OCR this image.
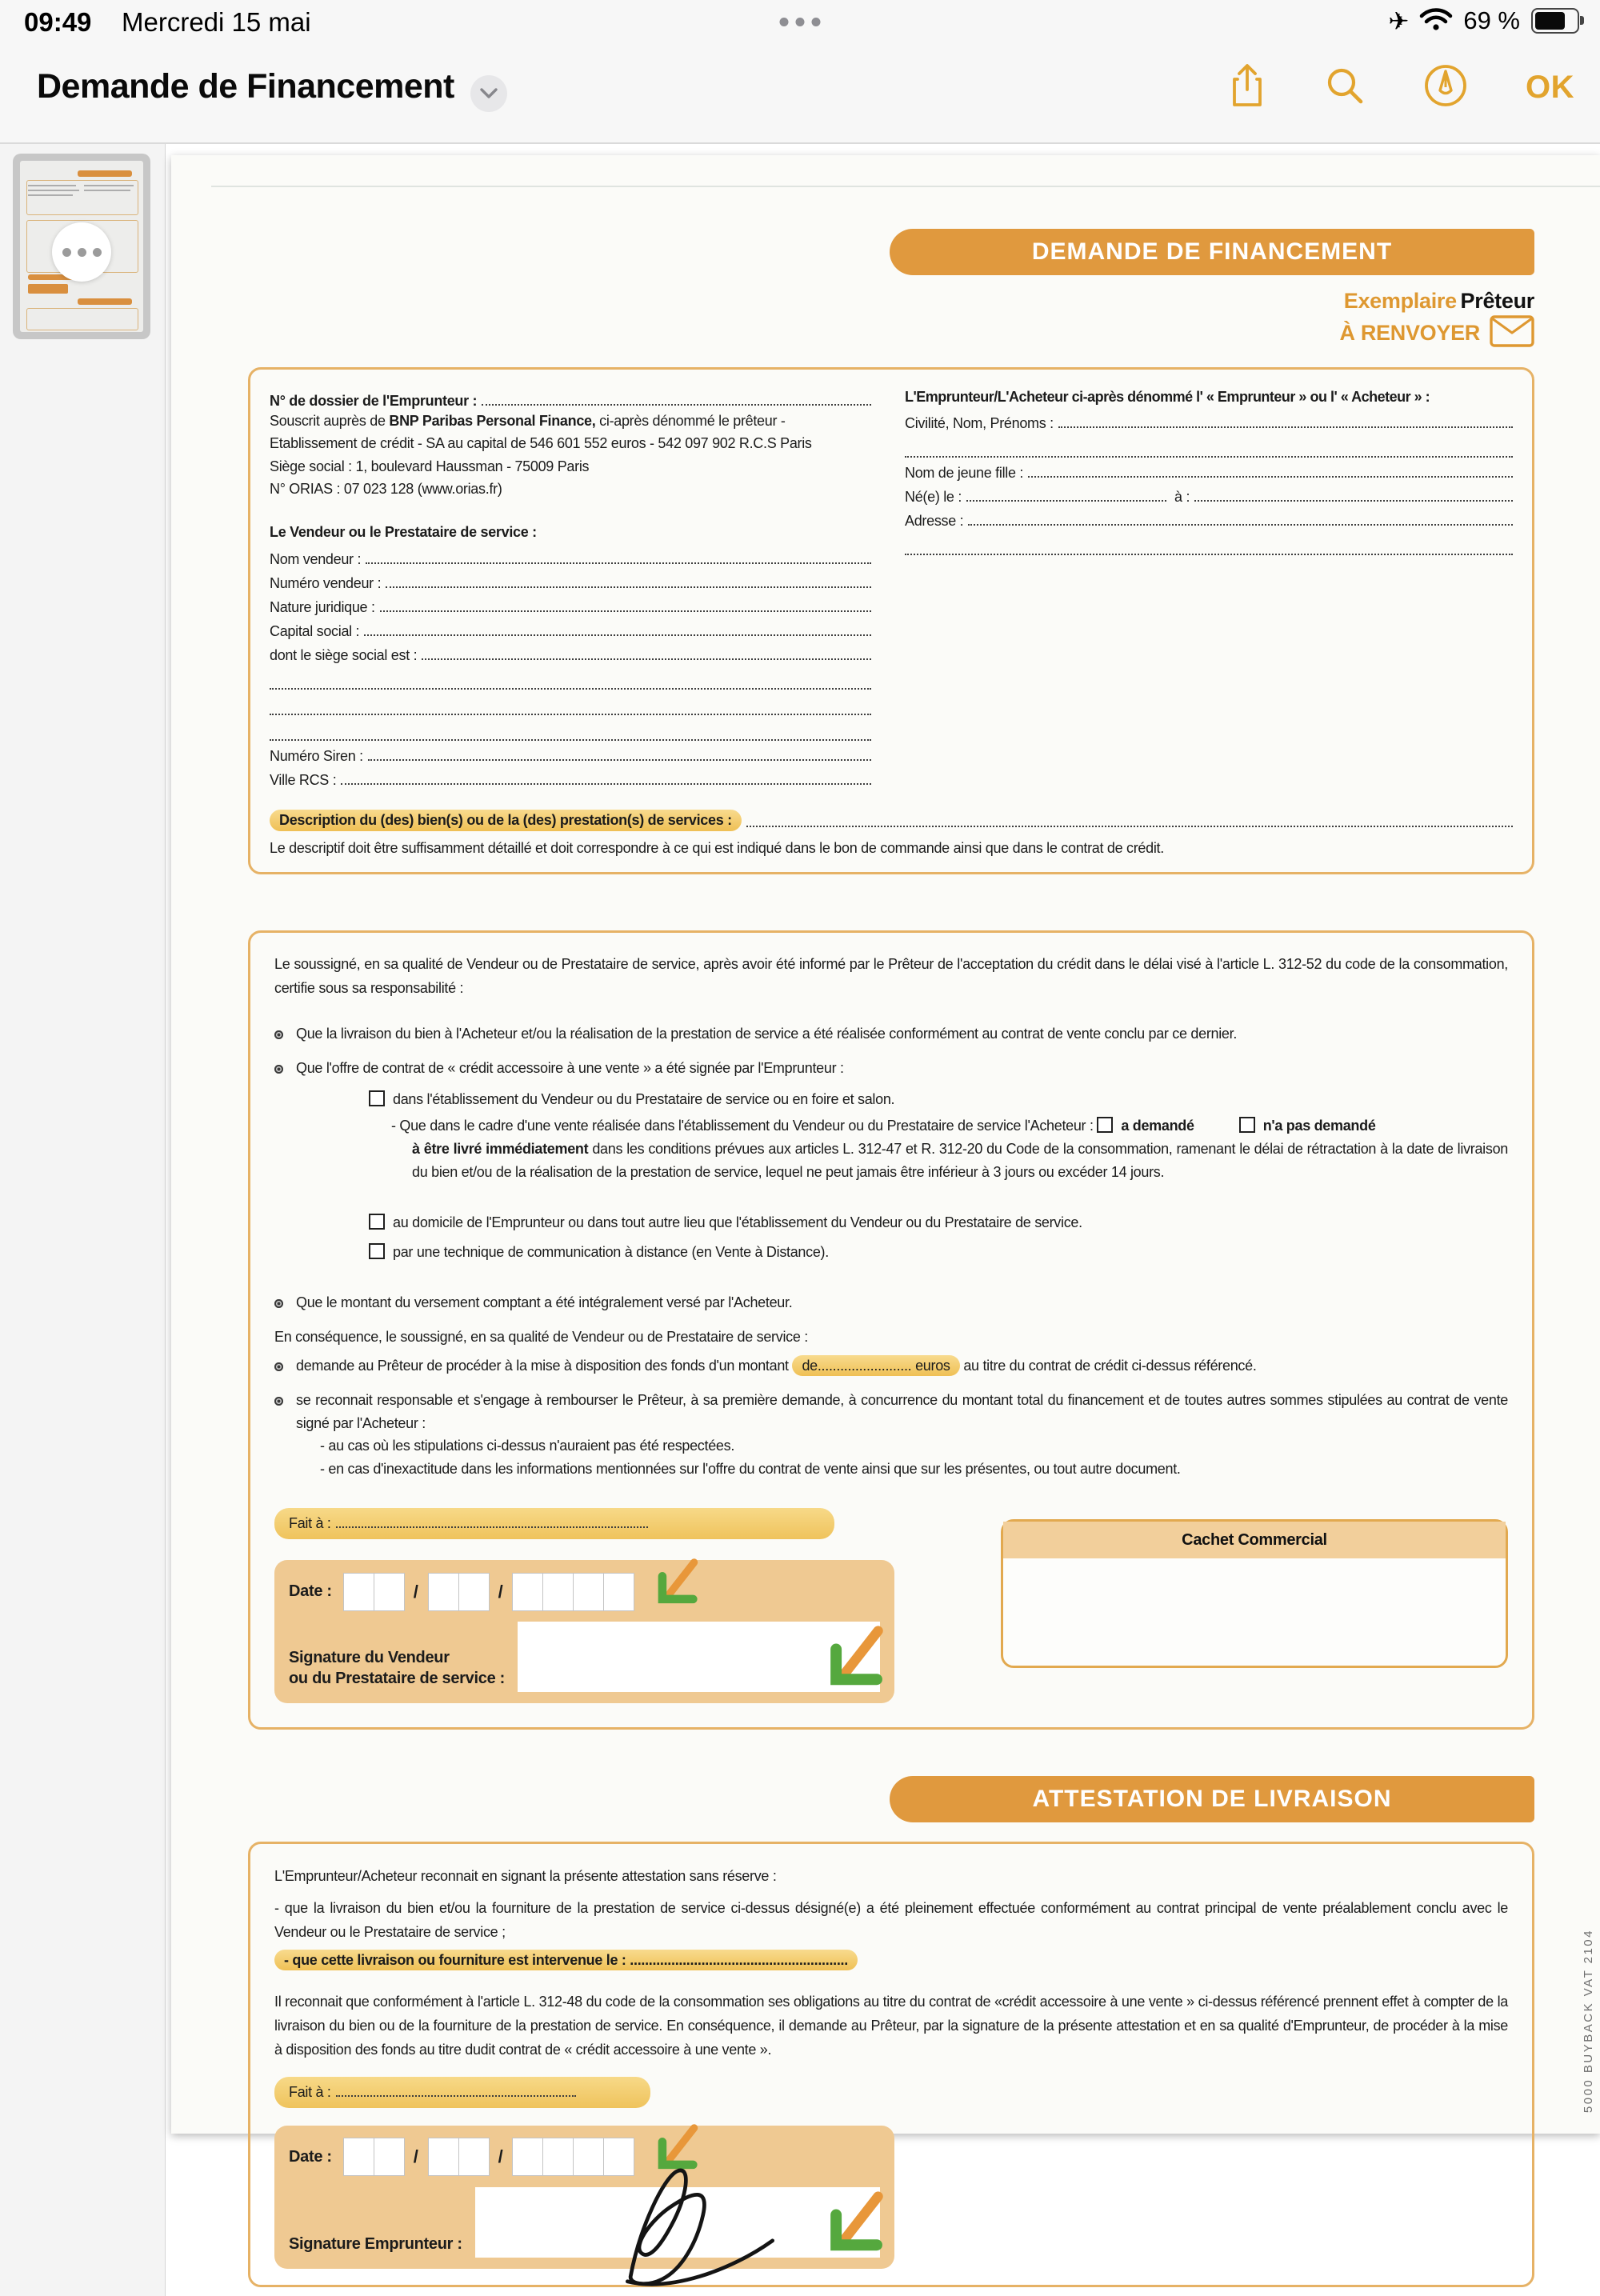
09:49 Mercredi 15 mai	✈ 69 %
Demande de Financement	OK
DEMANDE DE FINANCEMENT
Exemplaire Prêteur
À RENVOYER
N° de dossier de l'Emprunteur :
Souscrit auprès de BNP Paribas Personal Finance, ci-après dénommé le prêteur -
Etablissement de crédit - SA au capital de 546 601 552 euros - 542 097 902 R.C.S Paris
Siège social : 1, boulevard Haussman - 75009 Paris
N° ORIAS : 07 023 128 (www.orias.fr)
Le Vendeur ou le Prestataire de service :
Nom vendeur :
Numéro vendeur :
Nature juridique :
Capital social :
dont le siège social est :
Numéro Siren :
Ville RCS :
L'Emprunteur/L'Acheteur ci-après dénommé l' « Emprunteur » ou l' « Acheteur » :
Civilité, Nom, Prénoms :
Nom de jeune fille :
Né(e) le :	à :
Adresse :
Description du (des) bien(s) ou de la (des) prestation(s) de services :
Le descriptif doit être suffisamment détaillé et doit correspondre à ce qui est indiqué dans le bon de commande ainsi que dans le contrat de crédit.
Le soussigné, en sa qualité de Vendeur ou de Prestataire de service, après avoir été informé par le Prêteur de l'acceptation du crédit dans le délai visé à l'article L. 312-52 du code de la consommation, certifie sous sa responsabilité :
Que la livraison du bien à l'Acheteur et/ou la réalisation de la prestation de service a été réalisée conformément au contrat de vente conclu par ce dernier.
Que l'offre de contrat de « crédit accessoire à une vente » a été signée par l'Emprunteur :
dans l'établissement du Vendeur ou du Prestataire de service ou en foire et salon.
- Que dans le cadre d'une vente réalisée dans l'établissement du Vendeur ou du Prestataire de service l'Acheteur : a demandé	n'a pas demandé
à être livré immédiatement dans les conditions prévues aux articles L. 312-47 et R. 312-20 du Code de la consommation, ramenant le délai de rétractation à la date de livraison du bien et/ou de la réalisation de la prestation de service, lequel ne peut jamais être inférieur à 3 jours ou excéder 14 jours.
au domicile de l'Emprunteur ou dans tout autre lieu que l'établissement du Vendeur ou du Prestataire de service.
par une technique de communication à distance (en Vente à Distance).
Que le montant du versement comptant a été intégralement versé par l'Acheteur.
En conséquence, le soussigné, en sa qualité de Vendeur ou de Prestataire de service :
demande au Prêteur de procéder à la mise à disposition des fonds d'un montant de......................... euros au titre du contrat de crédit ci-dessus référencé.
se reconnait responsable et s'engage à rembourser le Prêteur, à sa première demande, à concurrence du montant total du financement et de toutes autres sommes stipulées au contrat de vente signé par l'Acheteur :
- au cas où les stipulations ci-dessus n'auraient pas été respectées.
- en cas d'inexactitude dans les informations mentionnées sur l'offre du contrat de vente ainsi que sur les présentes, ou tout autre document.
Fait à :
Date :	/	/
Signature du Vendeur
ou du Prestataire de service :
Cachet Commercial
ATTESTATION DE LIVRAISON
L'Emprunteur/Acheteur reconnait en signant la présente attestation sans réserve :
- que la livraison du bien et/ou la fourniture de la prestation de service ci-dessus désigné(e) a été pleinement effectuée conformément au contrat principal de vente préalablement conclu avec le Vendeur ou le Prestataire de service ;
- que cette livraison ou fourniture est intervenue le : ..........................................................
Il reconnait que conformément à l'article L. 312-48 du code de la consommation ses obligations au titre du contrat de «crédit accessoire à une vente » ci-dessus référencé prennent effet à compter de la livraison du bien ou de la fourniture de la prestation de service. En conséquence, il demande au Prêteur, par la signature de la présente attestation et en sa qualité d'Emprunteur, de procéder à la mise à disposition des fonds au titre dudit contrat de « crédit accessoire à une vente ».
Fait à :
Date :	/	/
Signature Emprunteur :
5000 BUYBACK VAT 2104
